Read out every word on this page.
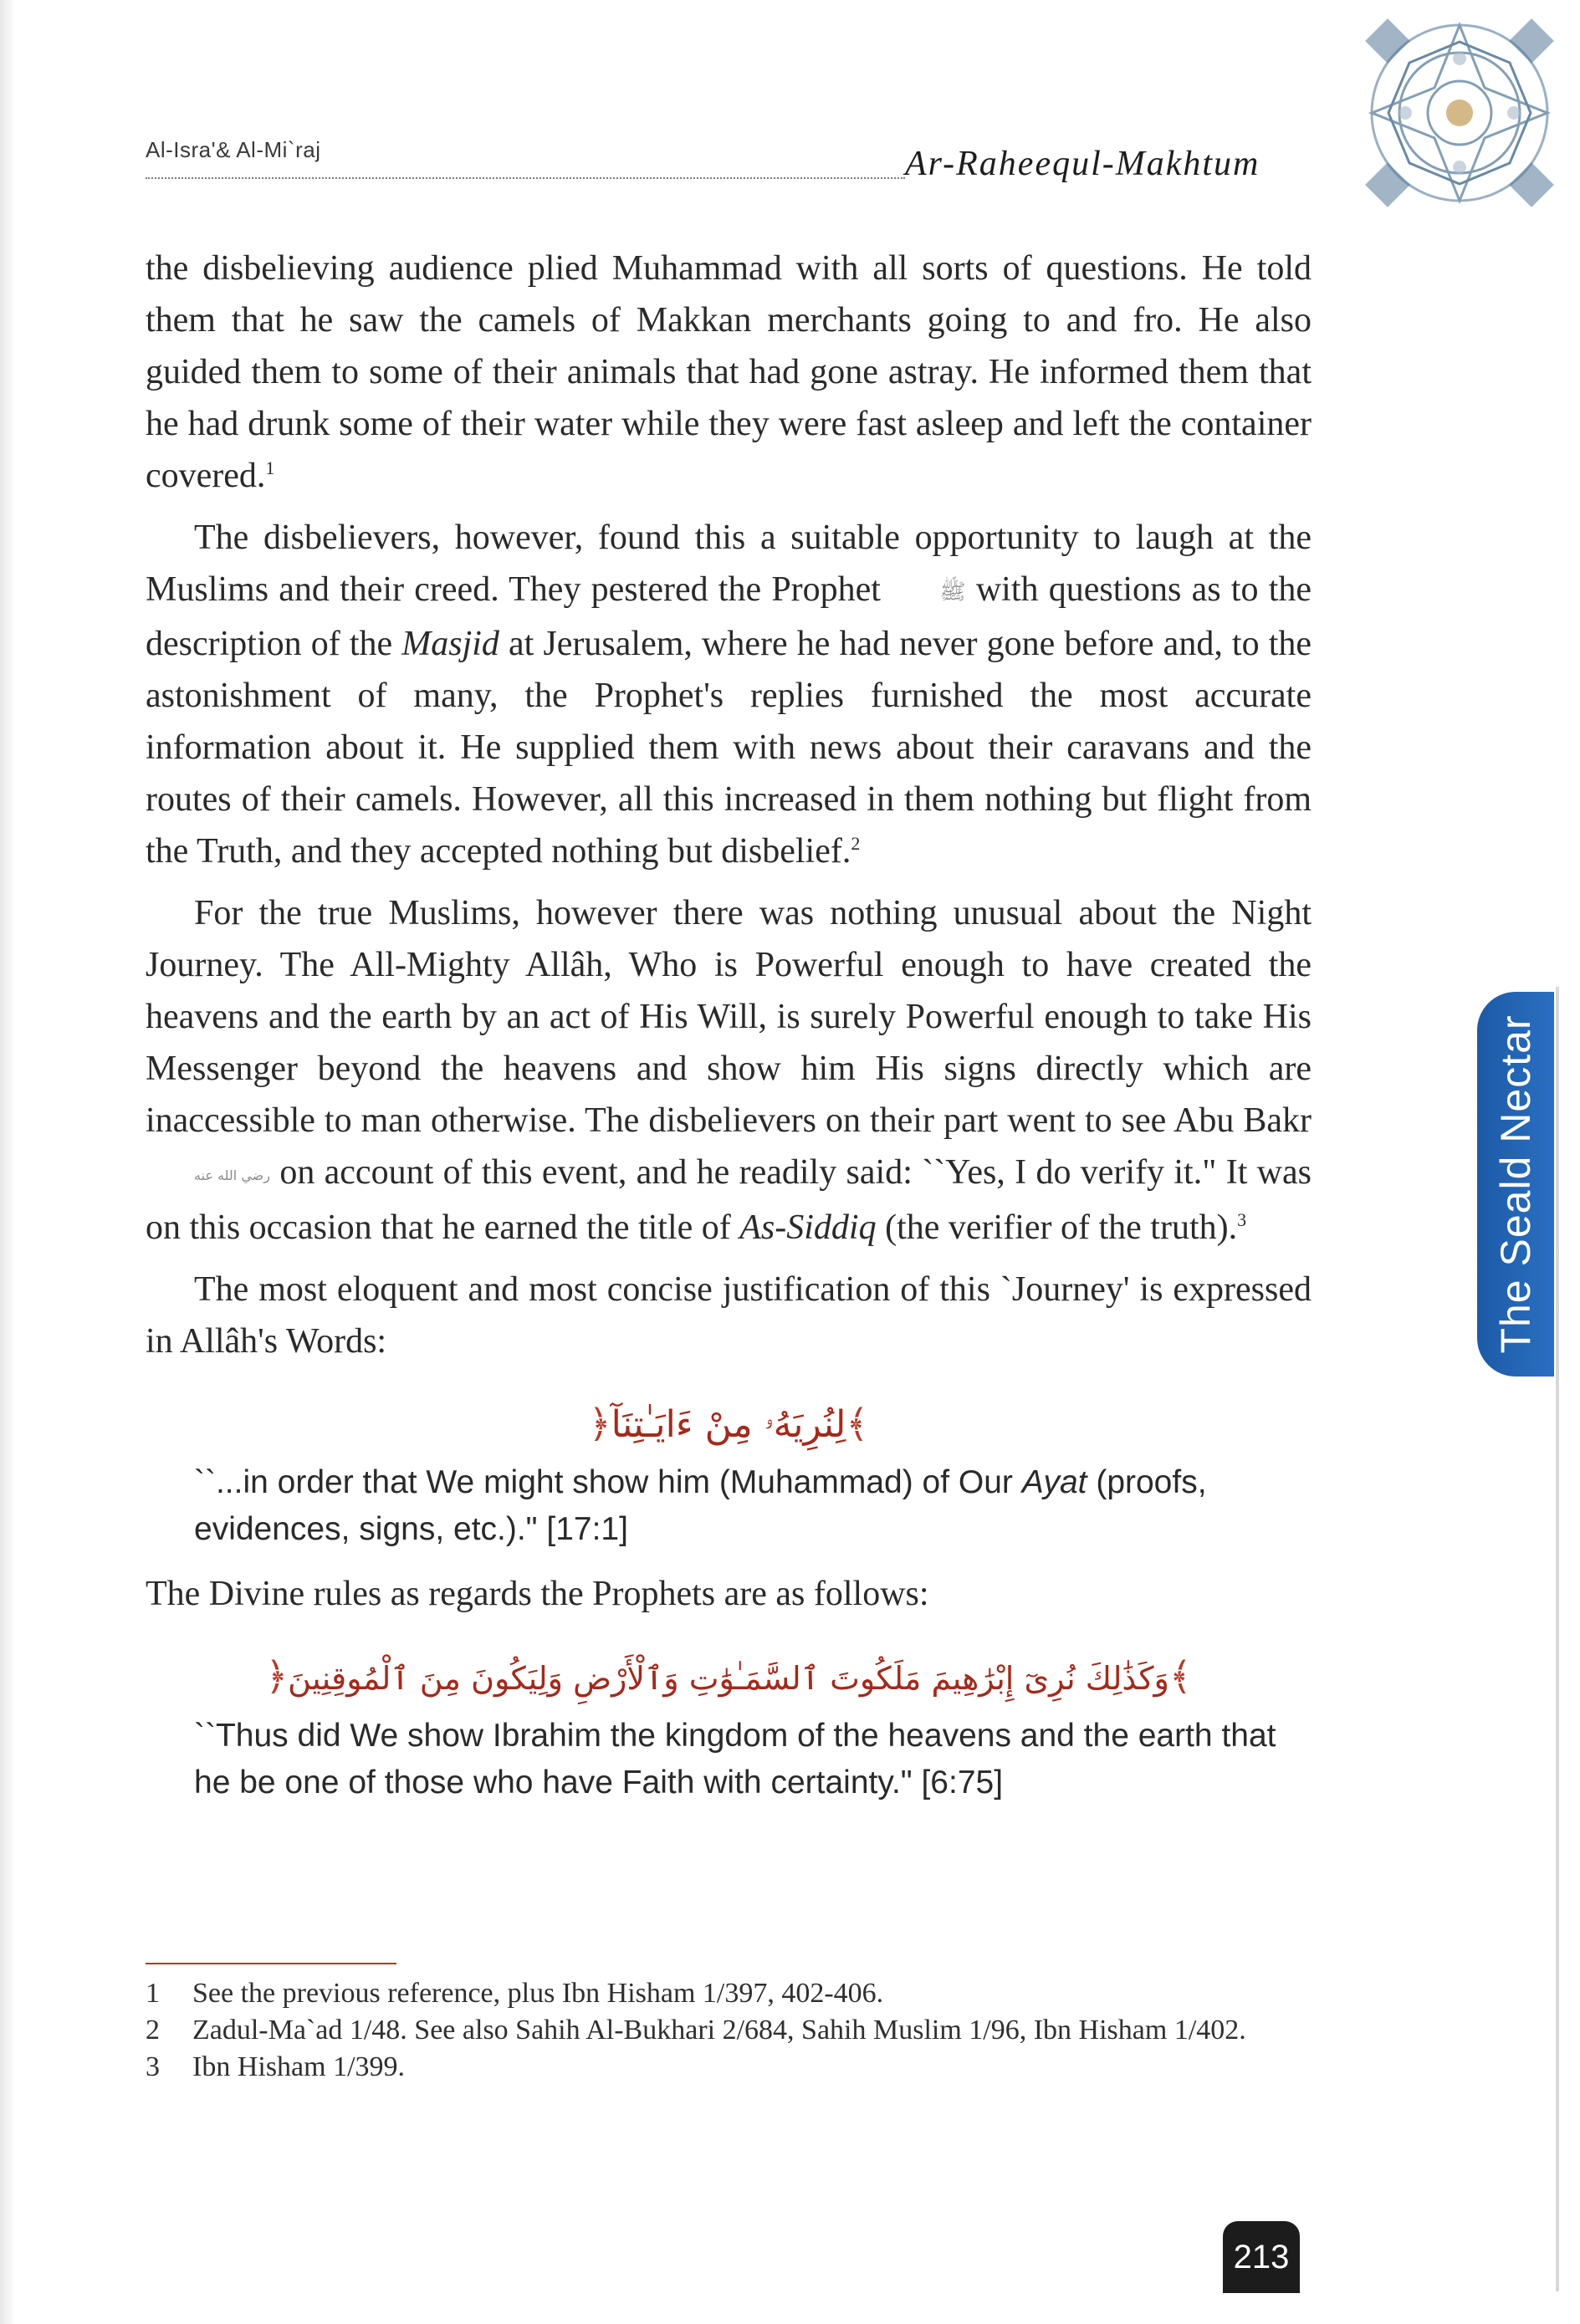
Al-Isra'& Al-Mi`raj	Ar-Raheequl-Makhtum

the disbelieving audience plied Muhammad with all sorts of questions. He told them that he saw the camels of Makkan merchants going to and fro. He also guided them to some of their animals that had gone astray. He informed them that he had drunk some of their water while they were fast asleep and left the container covered.$^1$

The disbelievers, however, found this a suitable opportunity to laugh at the Muslims and their creed. They pestered the Prophet	ﷺ with questions as to the description of the Masjid at Jerusalem, where he had never gone before and, to the astonishment of many, the Prophet's replies furnished the most accurate information about it. He supplied them with news about their caravans and the routes of their camels. However, all this increased in them nothing but flight from the Truth, and they accepted nothing but disbelief.$^2$

For the true Muslims, however there was nothing unusual about the Night Journey. The All-Mighty Allâh, Who is Powerful enough to have created the heavens and the earth by an act of His Will, is surely Powerful enough to take His Messenger beyond the heavens and show him His signs directly which are inaccessible to man otherwise. The disbelievers on their part went to see Abu Bakrرضي الله عنه on account of this event, and he readily said: ``Yes, I do verify it." It was on this occasion that he earned the title of As-Siddiq (the verifier of the truth).$^3$

The most eloquent and most concise justification of this `Journey' is expressed in Allâh's Words:

﴾لِنُرِيَهُۥ مِنْ ءَايَـٰتِنَآ﴿
``...in order that We might show him (Muhammad) of Our Ayat (proofs, evidences, signs, etc.)." [17:1]

The Divine rules as regards the Prophets are as follows:

﴾وَكَذَٰلِكَ نُرِىٓ إِبْرَٰهِيمَ مَلَكُوتَ ٱلسَّمَـٰوَٰتِ وَٱلْأَرْضِ وَلِيَكُونَ مِنَ ٱلْمُوقِنِينَ﴿
``Thus did We show Ibrahim the kingdom of the heavens and the earth that he be one of those who have Faith with certainty." [6:75]
1	See the previous reference, plus Ibn Hisham 1/397, 402-406.
2	Zadul-Ma`ad 1/48. See also Sahih Al-Bukhari 2/684, Sahih Muslim 1/96, Ibn Hisham 1/402.
3	Ibn Hisham 1/399.
The Seald Nectar
213
